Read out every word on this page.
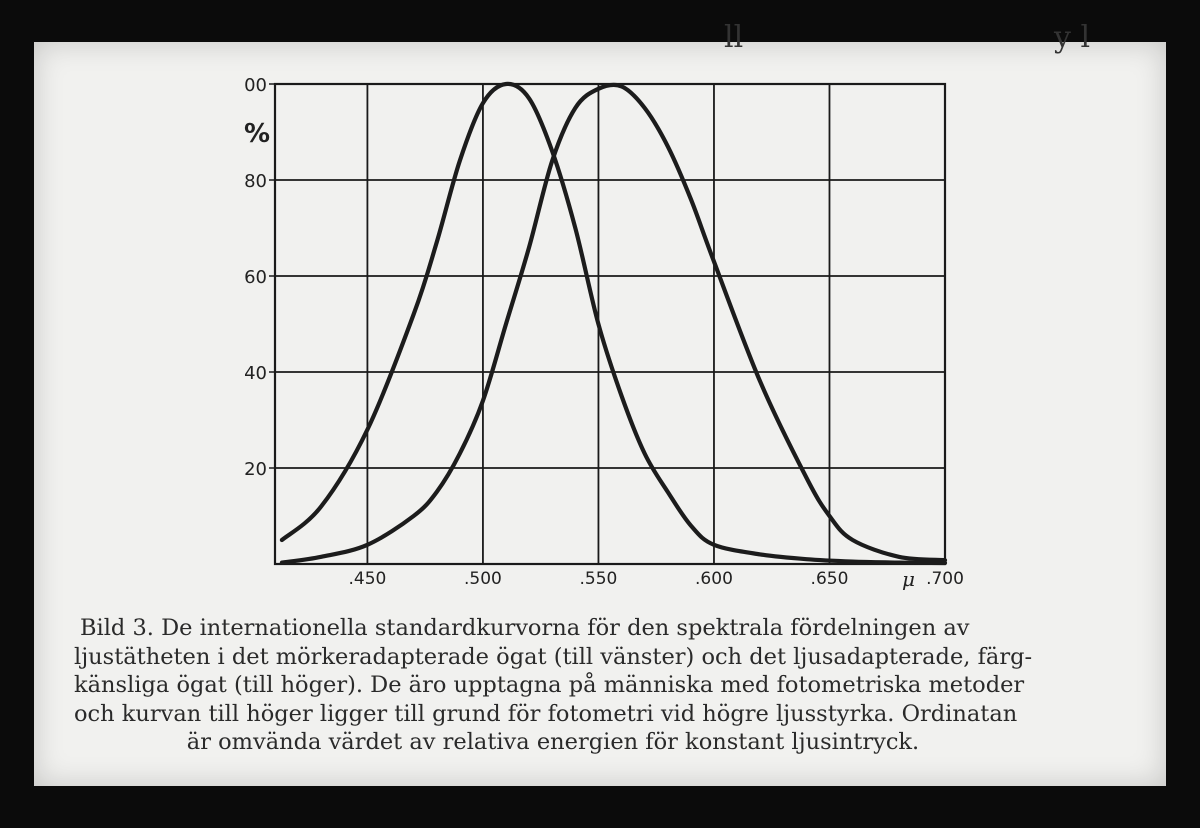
ll	y l
00
80
60
40
20
.450	.500	.550	.600	.650	.700
%
μ
Bild 3. De internationella standardkurvorna för den spektrala fördelningen av
ljustätheten i det mörkeradapterade ögat (till vänster) och det ljusadapterade, färg-
känsliga ögat (till höger). De äro upptagna på människa med fotometriska metoder
och kurvan till höger ligger till grund för fotometri vid högre ljusstyrka. Ordinatan
är omvända värdet av relativa energien för konstant ljusintryck.
